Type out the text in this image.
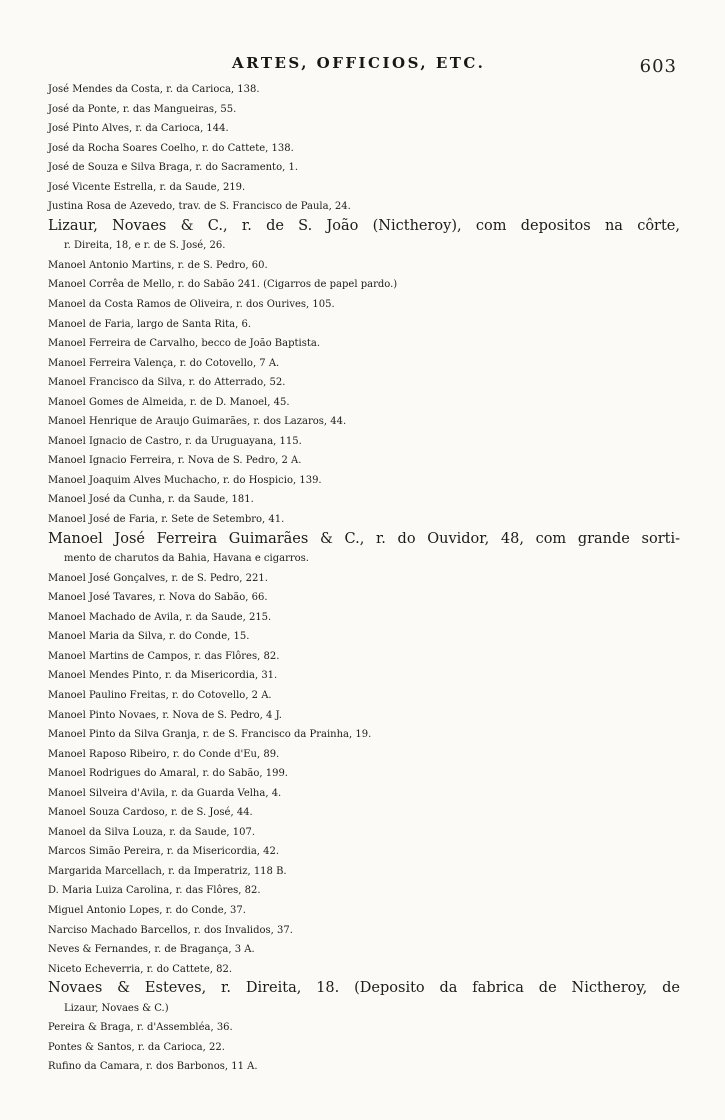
ARTES, OFFICIOS, ETC.	603
José Mendes da Costa, r. da Carioca, 138.
José da Ponte, r. das Mangueiras, 55.
José Pinto Alves, r. da Carioca, 144.
José da Rocha Soares Coelho, r. do Cattete, 138.
José de Souza e Silva Braga, r. do Sacramento, 1.
José Vicente Estrella, r. da Saude, 219.
Justina Rosa de Azevedo, trav. de S. Francisco de Paula, 24.
Lizaur, Novaes & C., r. de S. João (Nictheroy), com depositos na côrte,
r. Direita, 18, e r. de S. José, 26.
Manoel Antonio Martins, r. de S. Pedro, 60.
Manoel Corrêa de Mello, r. do Sabão 241. (Cigarros de papel pardo.)
Manoel da Costa Ramos de Oliveira, r. dos Ourives, 105.
Manoel de Faria, largo de Santa Rita, 6.
Manoel Ferreira de Carvalho, becco de João Baptista.
Manoel Ferreira Valença, r. do Cotovello, 7 A.
Manoel Francisco da Silva, r. do Atterrado, 52.
Manoel Gomes de Almeida, r. de D. Manoel, 45.
Manoel Henrique de Araujo Guimarães, r. dos Lazaros, 44.
Manoel Ignacio de Castro, r. da Uruguayana, 115.
Manoel Ignacio Ferreira, r. Nova de S. Pedro, 2 A.
Manoel Joaquim Alves Muchacho, r. do Hospicio, 139.
Manoel José da Cunha, r. da Saude, 181.
Manoel José de Faria, r. Sete de Setembro, 41.
Manoel José Ferreira Guimarães & C., r. do Ouvidor, 48, com grande sorti-
mento de charutos da Bahia, Havana e cigarros.
Manoel José Gonçalves, r. de S. Pedro, 221.
Manoel José Tavares, r. Nova do Sabão, 66.
Manoel Machado de Avila, r. da Saude, 215.
Manoel Maria da Silva, r. do Conde, 15.
Manoel Martins de Campos, r. das Flôres, 82.
Manoel Mendes Pinto, r. da Misericordia, 31.
Manoel Paulino Freitas, r. do Cotovello, 2 A.
Manoel Pinto Novaes, r. Nova de S. Pedro, 4 J.
Manoel Pinto da Silva Granja, r. de S. Francisco da Prainha, 19.
Manoel Raposo Ribeiro, r. do Conde d'Eu, 89.
Manoel Rodrigues do Amaral, r. do Sabão, 199.
Manoel Silveira d'Avila, r. da Guarda Velha, 4.
Manoel Souza Cardoso, r. de S. José, 44.
Manoel da Silva Louza, r. da Saude, 107.
Marcos Simão Pereira, r. da Misericordia, 42.
Margarida Marcellach, r. da Imperatriz, 118 B.
D. Maria Luiza Carolina, r. das Flôres, 82.
Miguel Antonio Lopes, r. do Conde, 37.
Narciso Machado Barcellos, r. dos Invalidos, 37.
Neves & Fernandes, r. de Bragança, 3 A.
Niceto Echeverria, r. do Cattete, 82.
Novaes & Esteves, r. Direita, 18. (Deposito da fabrica de Nictheroy, de
Lizaur, Novaes & C.)
Pereira & Braga, r. d'Assembléa, 36.
Pontes & Santos, r. da Carioca, 22.
Rufino da Camara, r. dos Barbonos, 11 A.
